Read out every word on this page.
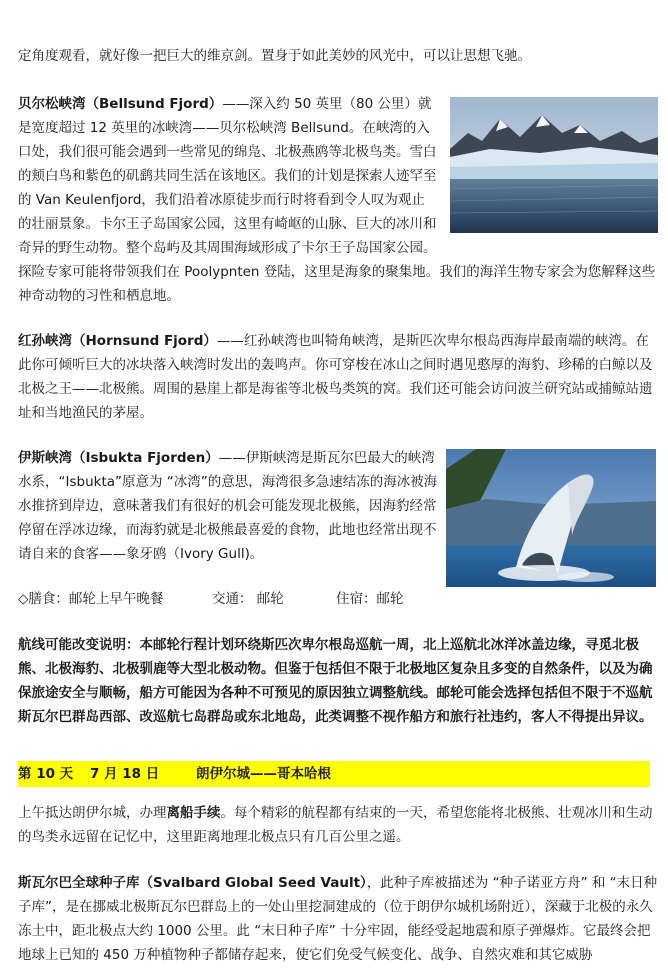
定角度观看，就好像一把巨大的维京剑。置身于如此美妙的风光中，可以让思想飞驰。

贝尔松峡湾（Bellsund Fjord）——深入约 50 英里（80 公里）就是宽度超过 12 英里的冰峡湾——贝尔松峡湾 Bellsund。在峡湾的入口处，我们很可能会遇到一些常见的绵凫、北极燕鸥等北极鸟类。雪白的颊白鸟和紫色的矶鹞共同生活在该地区。我们的计划是探索人迹罕至的 Van Keulenfjord，我们沿着冰原徒步而行时将看到令人叹为观止的壮丽景象。卡尔王子岛国家公园，这里有崎岖的山脉、巨大的冰川和奇异的野生动物。整个岛屿及其周围海域形成了卡尔王子岛国家公园。探险专家可能将带领我们在 Poolypnten 登陆，这里是海象的聚集地。我们的海洋生物专家会为您解释这些神奇动物的习性和栖息地。

红孙峡湾（Hornsund Fjord）——红孙峡湾也叫犄角峡湾，是斯匹次卑尔根岛西海岸最南端的峡湾。在此你可倾听巨大的冰块落入峡湾时发出的轰鸣声。你可穿梭在冰山之间时遇见憨厚的海豹、珍稀的白鲸以及北极之王——北极熊。周围的悬崖上都是海雀等北极鸟类筑的窝。我们还可能会访问波兰研究站或捕鲸站遗址和当地渔民的茅屋。

伊斯峡湾（Isbukta Fjorden）——伊斯峡湾是斯瓦尔巴最大的峡湾水系，“Isbukta”原意为 “冰湾”的意思，海湾很多急速结冻的海冰被海水推挤到岸边，意味著我们有很好的机会可能发现北极熊，因海豹经常停留在浮冰边缘，而海豹就是北极熊最喜爱的食物，此地也经常出现不请自来的食客——象牙鸥（Ivory Gull)。

◇膳食：邮轮上早午晚餐	交通： 邮轮	住宿：邮轮

航线可能改变说明：本邮轮行程计划环绕斯匹次卑尔根岛巡航一周，北上巡航北冰洋冰盖边缘，寻觅北极熊、北极海豹、北极驯鹿等大型北极动物。但鉴于包括但不限于北极地区复杂且多变的自然条件，以及为确保旅途安全与顺畅，船方可能因为各种不可预见的原因独立调整航线。邮轮可能会选择包括但不限于不巡航斯瓦尔巴群岛西部、改巡航七岛群岛或东北地岛，此类调整不视作船方和旅行社违约，客人不得提出异议。

第 10 天	7 月 18 日	朗伊尔城——哥本哈根

上午抵达朗伊尔城，办理离船手续。每个精彩的航程都有结束的一天，希望您能将北极熊、壮观冰川和生动的鸟类永远留在记忆中，这里距离地理北极点只有几百公里之遥。

斯瓦尔巴全球种子库（Svalbard Global Seed Vault），此种子库被描述为 “种子诺亚方舟” 和 “末日种子库”，是在挪威北极斯瓦尔巴群岛上的一处山里挖洞建成的（位于朗伊尔城机场附近），深藏于北极的永久冻土中，距北极点大约 1000 公里。此 “末日种子库” 十分牢固，能经受起地震和原子弹爆炸。它最终会把地球上已知的 450 万种植物种子都储存起来，使它们免受气候变化、战争、自然灾难和其它威胁
